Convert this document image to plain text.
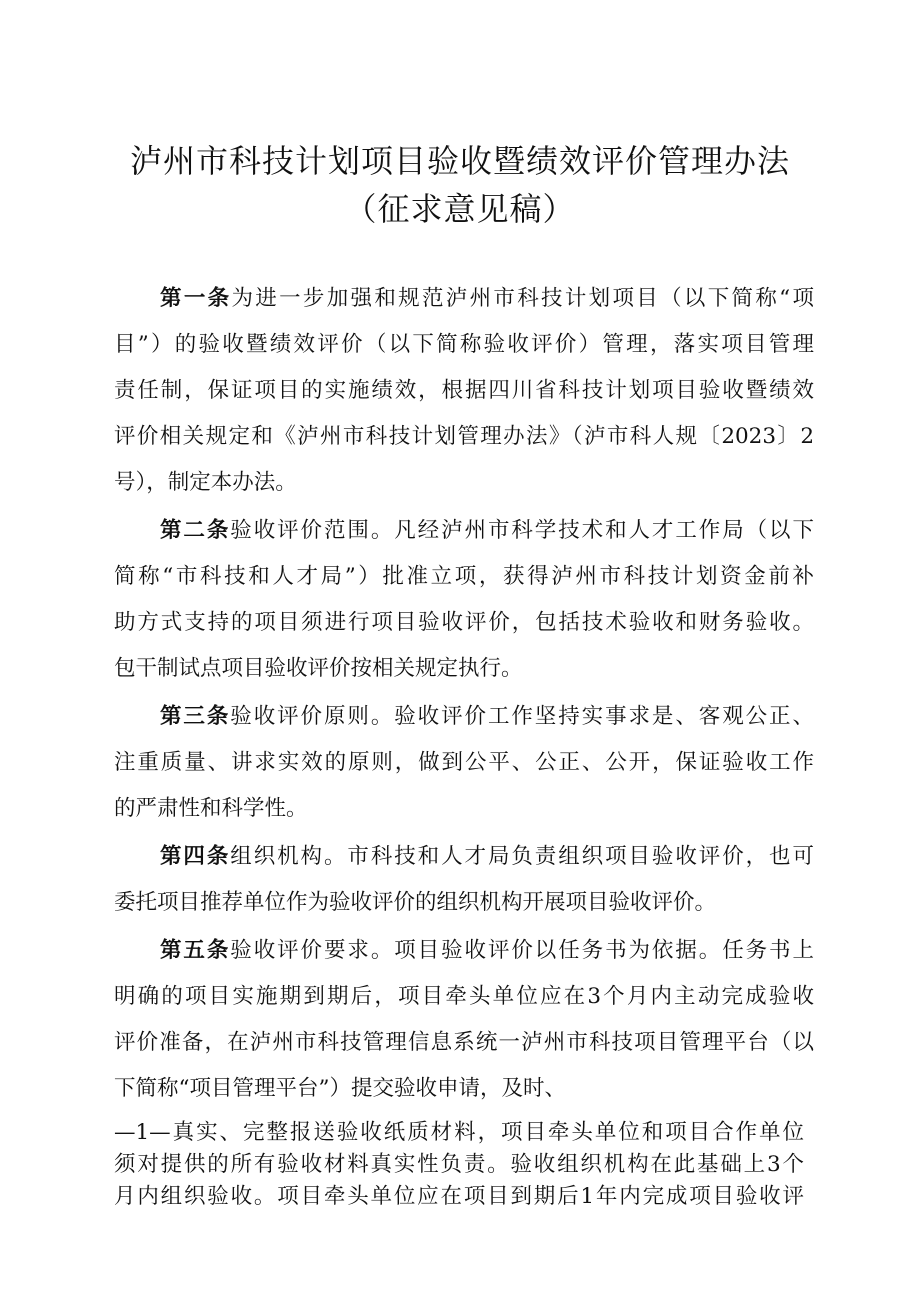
泸州市科技计划项目验收暨绩效评价管理办法
（征求意见稿）
第一条为进一步加强和规范泸州市科技计划项目（以下简称“项
目”）的验收暨绩效评价（以下简称验收评价）管理，落实项目管理
责任制，保证项目的实施绩效，根据四川省科技计划项目验收暨绩效
评价相关规定和《泸州市科技计划管理办法》（泸市科人规〔2023〕2
号），制定本办法。
第二条验收评价范围。凡经泸州市科学技术和人才工作局（以下
简称“市科技和人才局”）批准立项，获得泸州市科技计划资金前补
助方式支持的项目须进行项目验收评价，包括技术验收和财务验收。
包干制试点项目验收评价按相关规定执行。
第三条验收评价原则。验收评价工作坚持实事求是、客观公正、
注重质量、讲求实效的原则，做到公平、公正、公开，保证验收工作
的严肃性和科学性。
第四条组织机构。市科技和人才局负责组织项目验收评价，也可
委托项目推荐单位作为验收评价的组织机构开展项目验收评价。
第五条验收评价要求。项目验收评价以任务书为依据。任务书上
明确的项目实施期到期后，项目牵头单位应在3个月内主动完成验收
评价准备，在泸州市科技管理信息系统一泸州市科技项目管理平台（以
下简称“项目管理平台”）提交验收申请，及时、
—1—真实、完整报送验收纸质材料，项目牵头单位和项目合作单位
须对提供的所有验收材料真实性负责。验收组织机构在此基础上3个
月内组织验收。项目牵头单位应在项目到期后1年内完成项目验收评
